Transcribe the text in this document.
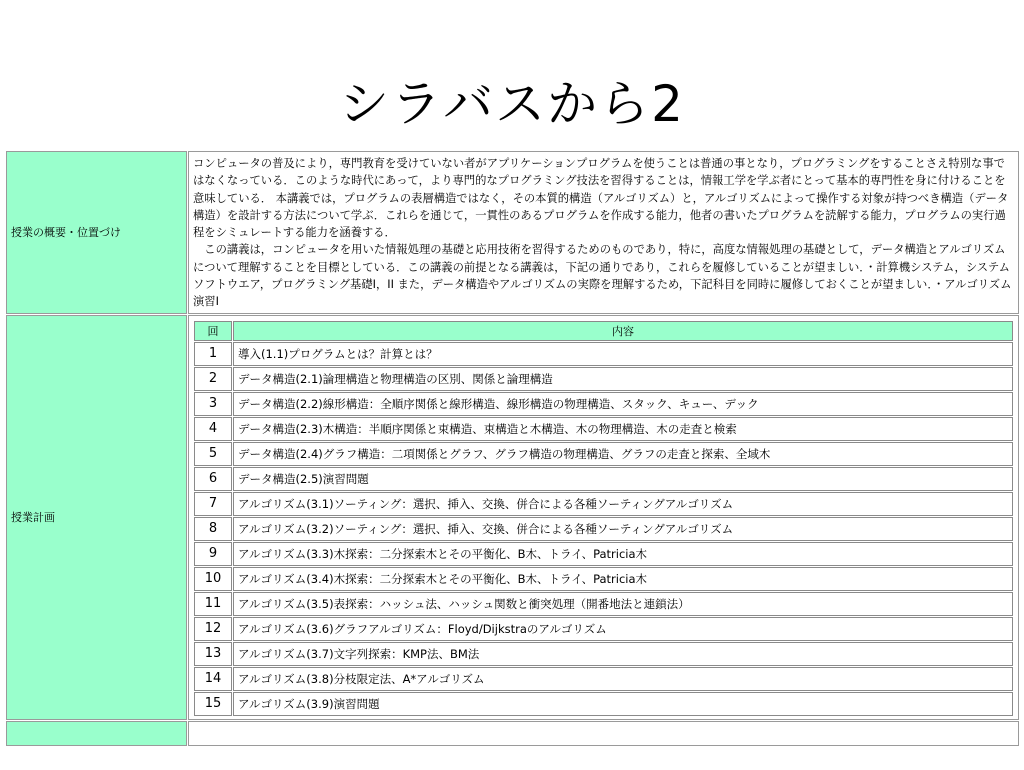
シラバスから2
授業の概要・位置づけ	

コンピュータの普及により，専門教育を受けていない者がアプリケーションプログラムを使うことは普通の事となり，プログラミングをすることさえ特別な事ではなくなっている．このような時代にあって，より専門的なプログラミング技法を習得することは，情報工学を学ぶ者にとって基本的専門性を身に付けることを意味している． 本講義では，プログラムの表層構造ではなく，その本質的構造（アルゴリズム）と，アルゴリズムによって操作する対象が持つべき構造（データ構造）を設計する方法について学ぶ．これらを通じて，一貫性のあるプログラムを作成する能力，他者の書いたプログラムを読解する能力，プログラムの実行過程をシミュレートする能力を涵養する．

　この講義は，コンピュータを用いた情報処理の基礎と応用技術を習得するためのものであり，特に，高度な情報処理の基礎として，データ構造とアルゴリズムについて理解することを目標としている．この講義の前提となる講義は，下記の通りであり，これらを履修していることが望ましい．・計算機システム，システムソフトウエア，プログラミング基礎I，II また，データ構造やアルゴリズムの実際を理解するため，下記科目を同時に履修しておくことが望ましい．・アルゴリズム演習I

授業計画	
回	内容
1	導入(1.1)プログラムとは？計算とは？
2	データ構造(2.1)論理構造と物理構造の区別、関係と論理構造
3	データ構造(2.2)線形構造：全順序関係と線形構造、線形構造の物理構造、スタック、キュー、デック
4	データ構造(2.3)木構造：半順序関係と束構造、束構造と木構造、木の物理構造、木の走査と検索
5	データ構造(2.4)グラフ構造：二項関係とグラフ、グラフ構造の物理構造、グラフの走査と探索、全域木
6	データ構造(2.5)演習問題
7	アルゴリズム(3.1)ソーティング：選択、挿入、交換、併合による各種ソーティングアルゴリズム
8	アルゴリズム(3.2)ソーティング：選択、挿入、交換、併合による各種ソーティングアルゴリズム
9	アルゴリズム(3.3)木探索：二分探索木とその平衡化、B木、トライ、Patricia木
10	アルゴリズム(3.4)木探索：二分探索木とその平衡化、B木、トライ、Patricia木
11	アルゴリズム(3.5)表探索：ハッシュ法、ハッシュ関数と衝突処理（開番地法と連鎖法）
12	アルゴリズム(3.6)グラフアルゴリズム：Floyd/Dijkstraのアルゴリズム
13	アルゴリズム(3.7)文字列探索：KMP法、BM法
14	アルゴリズム(3.8)分枝限定法、A*アルゴリズム
15	アルゴリズム(3.9)演習問題
